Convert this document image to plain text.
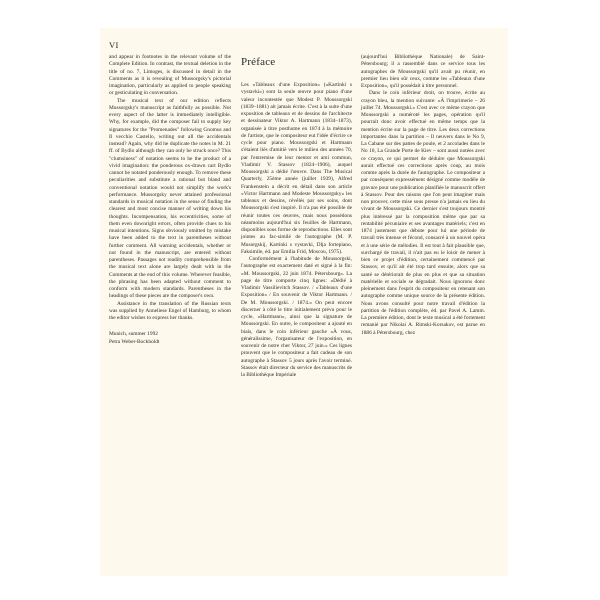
VI

and appear in footnotes in the relevant volume of the Complete Edition. In contrast, the textual deletion in the title of no. 7, Limoges, is discussed in detail in the Comments as it is revealing of Mussorgsky's pictorial imagination, particularly as applied to people speaking or gesticulating in conversation.

The musical text of our edition reflects Mussorgsky's manuscript as faithfully as possible. Not every aspect of the latter is immediately intelligible. Why, for example, did the composer fail to supply key signatures for the "Promenades" following Gnomus and Il vecchio Castello, writing out all the accidentals instead? Again, why did he duplicate the notes in M. 21 ff. of Bydlo although they can only be struck once? This "clumsiness" of notation seems to be the product of a vivid imagination: the ponderous ox-drawn cart Bydlo cannot be notated ponderously enough. To remove these peculiarities and substitute a rational but bland and conventional notation would not simplify the work's performance. Mussorgsky never attained professional standards in musical notation in the sense of finding the clearest and most concise manner of writing down his thoughts. Incompensation, his eccentricities, some of them even downright errors, often provide clues to his musical intentions. Signs obviously omitted by mistake have been added to the text in parentheses without further comment. All warning accidentals, whether or not found in the manuscript, are entered without parentheses. Passages not readily comprehensible from the musical text alone are largely dealt with in the Comments at the end of this volume. Wherever feasible, the phrasing has been adapted without comment to conform with modern standards. Parentheses in the headings of these pieces are the composer's own.

Assistance in the translation of the Russian texts was supplied by Anneliese Engel of Hamburg, to whom the editor wishes to express her thanks.

Munich, summer 1992
Petra Weber-Bockholdt
Préface

Les «Tableaux d'une Exposition» («Kartinki s vystavki») sont la seule œuvre pour piano d'une valeur incontestée que Modest P. Moussorgski (1839–1881) ait jamais écrite. C'est à la suite d'une exposition de tableaux et de dessins de l'architecte et dessinateur Viktor A. Hartmann (1834–1873), organisée à titre posthume en 1874 à la mémoire de l'artiste, que le compositeur eut l'idée d'écrire ce cycle pour piano. Moussorgski et Hartmann s'étaient liés d'amitié vers le milieu des années 70, par l'entremise de leur mentor et ami commun, Vladimir V. Stassov (1824–1906), auquel Moussorgski a dédié l'œuvre. Dans The Musical Quarterly, 25ème année (juillet 1939), Alfred Frankenstein a décrit en détail dans son article «Victor Hartmann and Modeste Moussorgsky» les tableaux et dessins, révélés par ses soins, dont Moussorgski s'est inspiré. Il n'a pas été possible de réunir toutes ces œuvres, mais nous possédons néanmoins aujourd'hui six feuilles de Hartmann, disponibles sous forme de reproductions. Elles sont jointes au fac-similé de l'autographe (M. P. Musorgskij, Kartinki s vystavki, Dlja fortepiano, Faksimile, éd. par Emilia Frid, Moscou, 1975).

Conformément à l'habitude de Moussorgski, l'autographe est exactement daté et signé à la fin: «M. Moussorgski, 22 juin 1874. Pétersbourg». La page de titre comporte cinq lignes: «Dédié à Vladimir Vassilievitch Stassov. / «Tableaux d'une Exposition» / En souvenir de Viktor Hartmann. / De M. Moussorgski. / 1874.» On peut encore discerner à côté le titre initialement prévu pour le cycle, «Hartmann», ainsi que la signature de Moussorgski. En outre, le compositeur a ajouté en biais, dans le coin inférieur gauche «À vous, généralissime, l'organisateur de l'exposition, en souvenir de notre cher Viktor, 27 juin.» Ces lignes prouvent que le compositeur a fait cadeau de son autographe à Stassov 5 jours après l'avoir terminé. Stassov était directeur du service des manuscrits de la Bibliothèque Impériale

(aujourd'hui Bibliothèque Nationale) de Saint-Pétersbourg; il a rassemblé dans ce service tous les autographes de Moussorgski qu'il avait pu réunir, en premier lieu bien sûr ceux, comme les «Tableaux d'une Exposition», qu'il possédait à titre personnel.

Dans le coin inférieur droit, on trouve, écrite au crayon bleu, la mention suivante: «À l'imprimerie – 26 juillet 74. Moussorgski.» C'est avec ce même crayon que Moussorgski a numéroté les pages, opération qu'il pourrait donc avoir effectué en même temps que la mention écrite sur la page de titre. Les deux corrections importantes dans la partition – Il neuvers dans le No 9, La Cabane sur des pattes de poule, et 2 accolades dans le No 10, La Grande Porte de Kiev – sont aussi notées avec ce crayon, ce qui permet de déduire que Moussorgski aurait effectué ces corrections après coup, au mois comme après la durée de l'autographe. Le compositeur a par conséquent expressément désigné comme modèle de gravure pour une publication planifiée le manuscrit offert à Stassov. Pour des raisons que l'on peut imaginer mais non prouver, cette mise sous presse n'a jamais eu lieu du vivant de Moussorgski. Ce dernier s'est toujours montré plus intéressé par la composition même que par sa rentabilité pécuniaire et ses avantages matériels; c'est en 1874 justement que débute pour lui une période de travail très intense et fécond, consacré à un nouvel opéra et à une série de mélodies. Il est tout à fait plausible que, surchargé de travail, il n'ait pas eu le loisir de mener à bien ce projet d'édition, certainement commencé par Stassov, et qu'il ait été trop tard ensuite, alors que sa santé se détériorait de plus en plus et que sa situation matérielle et sociale se dégradait. Nous ignorons donc pleinement dans l'esprit du compositeur en retenant son autographe comme unique source de la présente édition. Nous avons consulté pour notre travail d'édition la partition de l'édition complète, éd. par Pavel A. Lamm. La première édition, dont le texte musical a été fortement remanié par Nikolai A. Rimski-Korsakov, est parue en 1886 à Pétersbourg, chez
